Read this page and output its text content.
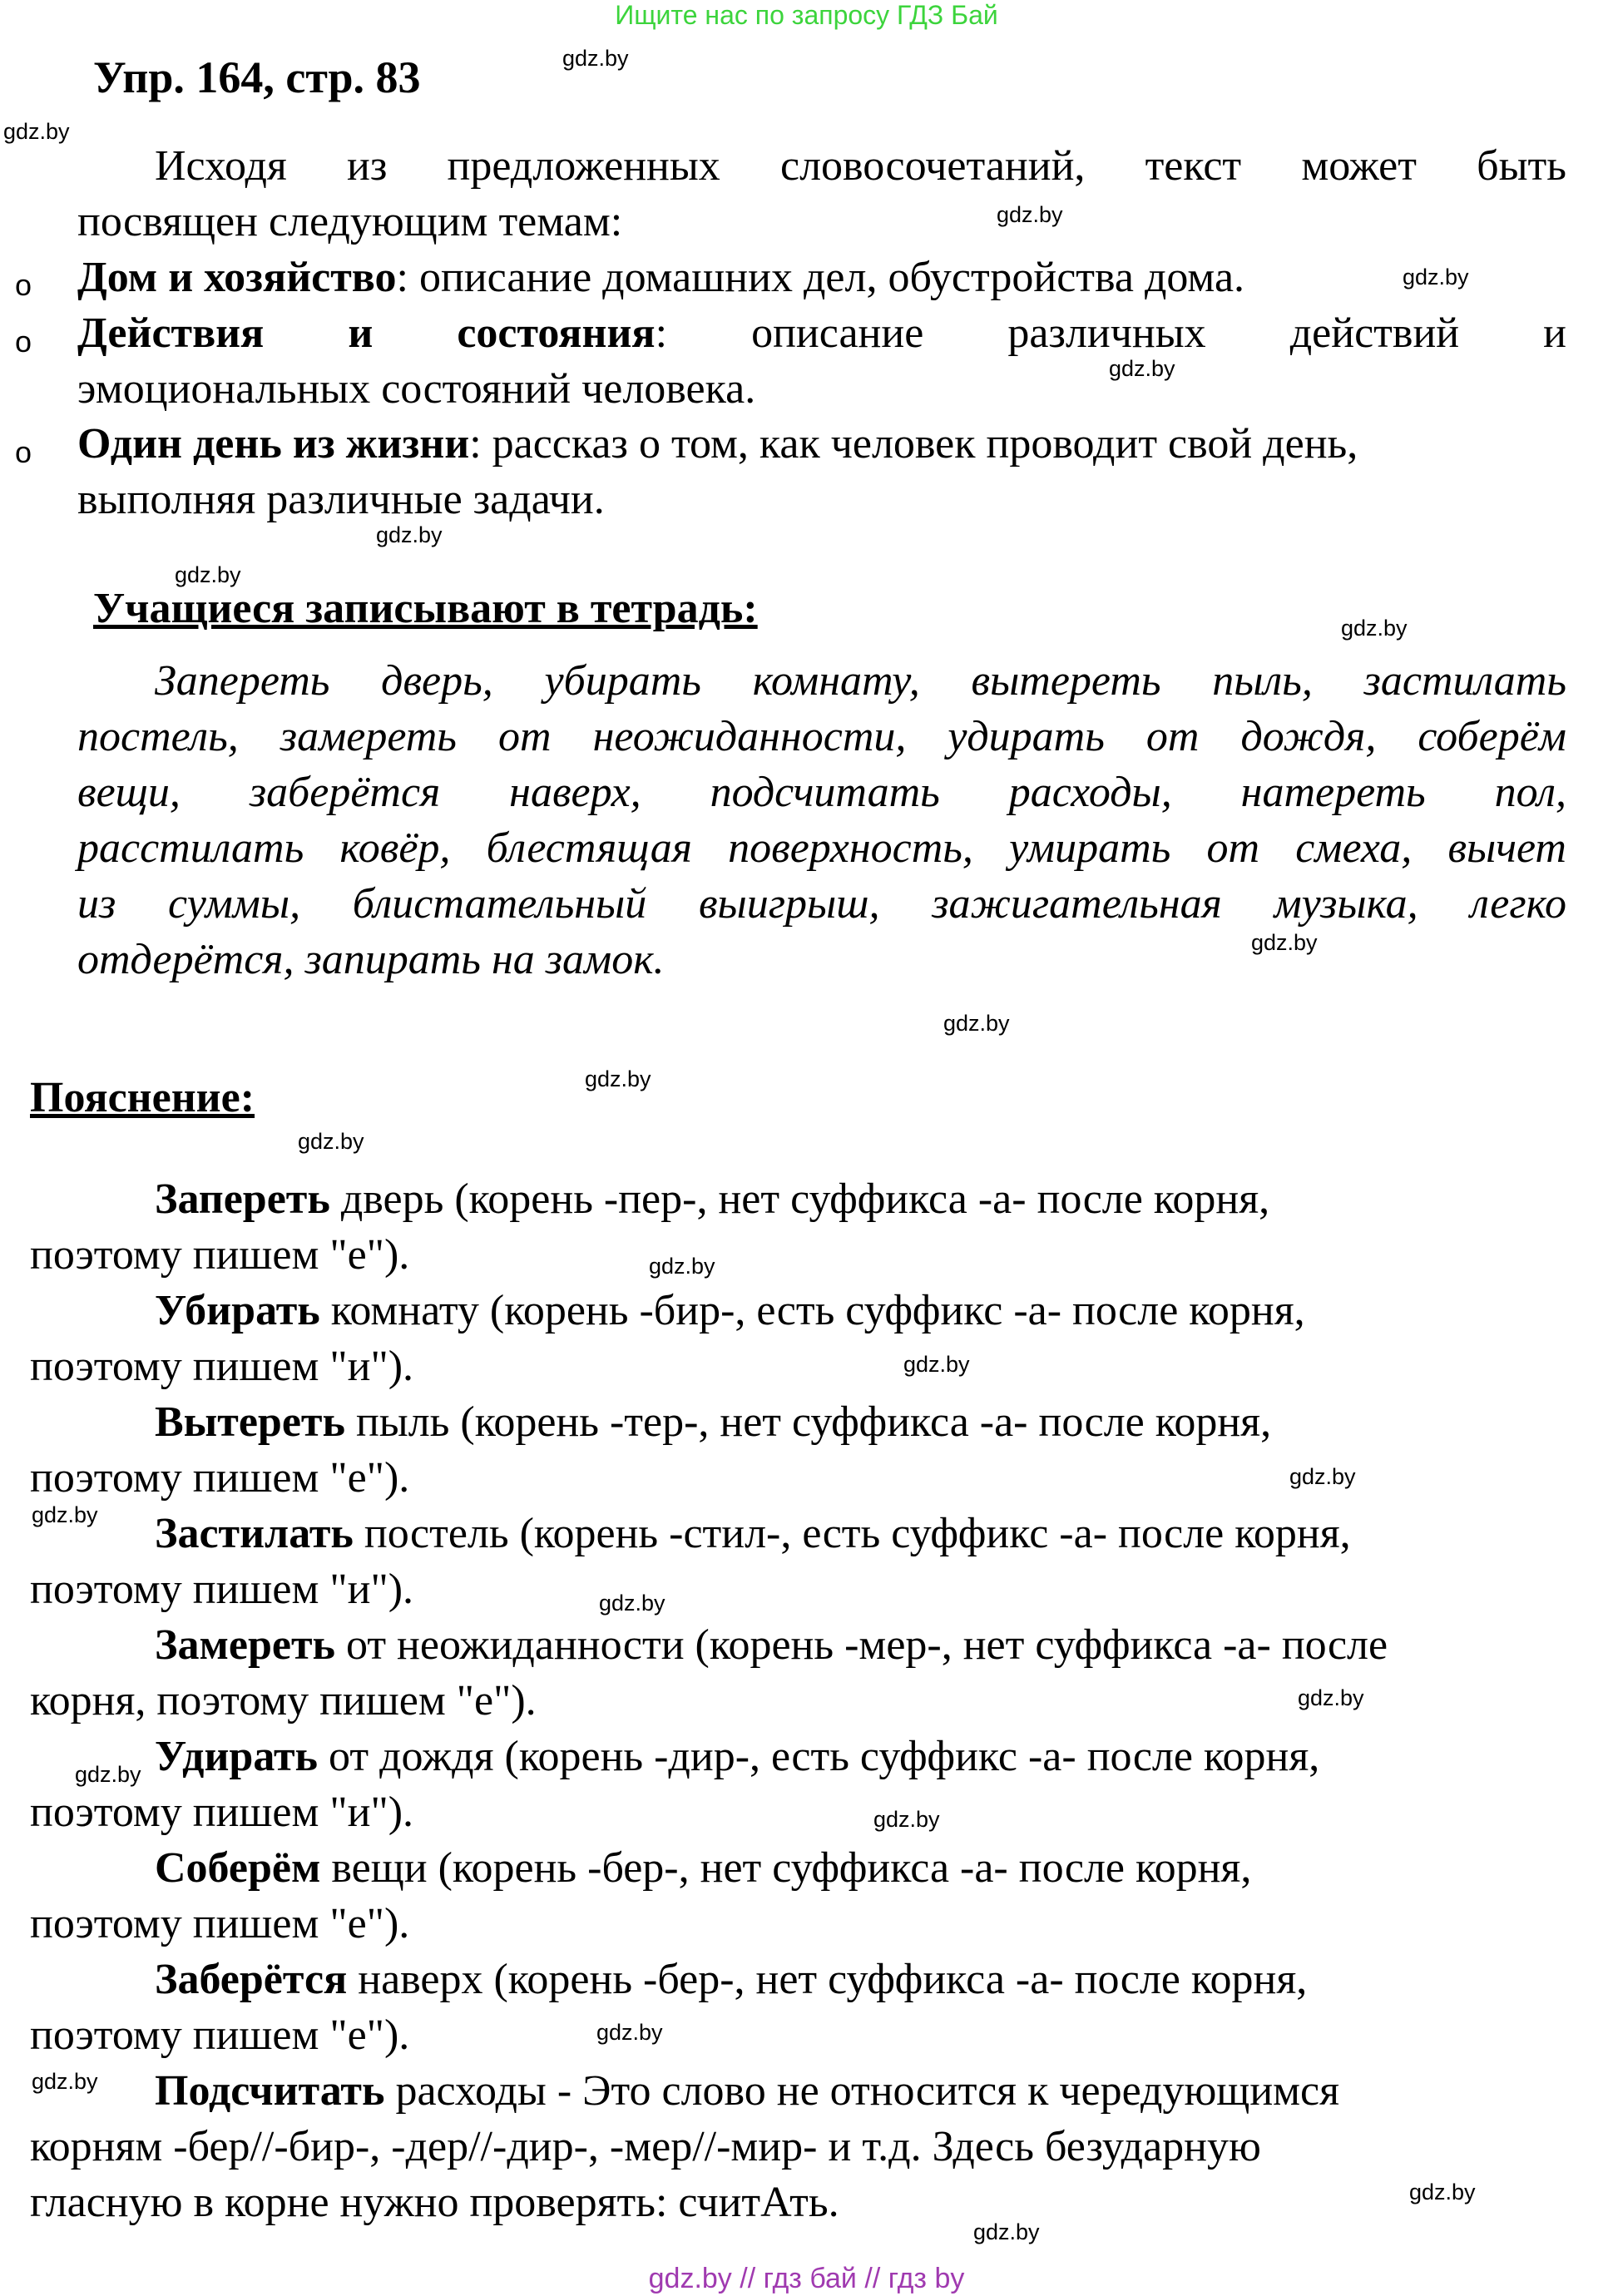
Ищите нас по запросу ГДЗ Бай
Упр. 164, стр. 83	gdz.by
gdz.by
gdz.by
gdz.by
gdz.by
gdz.by
gdz.by
gdz.by
gdz.by
gdz.by
gdz.by
gdz.by
gdz.by
gdz.by
gdz.by
gdz.by
gdz.by
gdz.by
gdz.by
gdz.by
gdz.by
gdz.by
gdz.by
gdz.by
Исходя из предложенных словосочетаний, текст может быть
посвящен следующим темам:
o Дом и хозяйство: описание домашних дел, обустройства дома.
o Действия и состояния: описание различных действий и
эмоциональных состояний человека.
o Один день из жизни: рассказ о том, как человек проводит свой день,
выполняя различные задачи.
Учащиеся записывают в тетрадь:
Запереть дверь, убирать комнату, вытереть пыль, застилать
постель, замереть от неожиданности, удирать от дождя, соберём
вещи, заберётся наверх, подсчитать расходы, натереть пол,
расстилать ковёр, блестящая поверхность, умирать от смеха, вычет
из суммы, блистательный выигрыш, зажигательная музыка, легко
отдерётся, запирать на замок.
Пояснение:
Запереть дверь (корень -пер-, нет суффикса -а- после корня,
поэтому пишем "е").
Убирать комнату (корень -бир-, есть суффикс -а- после корня,
поэтому пишем "и").
Вытереть пыль (корень -тер-, нет суффикса -а- после корня,
поэтому пишем "е").
Застилать постель (корень -стил-, есть суффикс -а- после корня,
поэтому пишем "и").
Замереть от неожиданности (корень -мер-, нет суффикса -а- после
корня, поэтому пишем "е").
Удирать от дождя (корень -дир-, есть суффикс -а- после корня,
поэтому пишем "и").
Соберём вещи (корень -бер-, нет суффикса -а- после корня,
поэтому пишем "е").
Заберётся наверх (корень -бер-, нет суффикса -а- после корня,
поэтому пишем "е").
Подсчитать расходы - Это слово не относится к чередующимся
корням -бер//-бир-, -дер//-дир-, -мер//-мир- и т.д. Здесь безударную
гласную в корне нужно проверять: считАть.
gdz.by // гдз бай // гдз by
